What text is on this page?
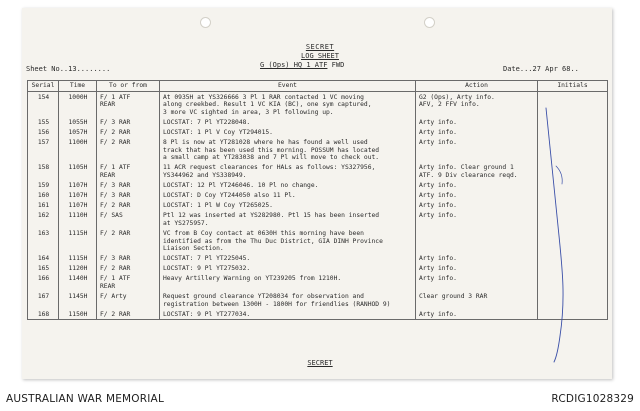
SECRET
LOG SHEET
G (Ops) HQ 1 ATF FWD
Sheet No..13........	Date...27 Apr 68..
Serial	Time	To or from	Event	Action	Initials
154	1000H	F/ 1 ATF
REAR	At 0935H at YS326666 3 Pl 1 RAR contacted 1 VC moving
along creekbed. Result 1 VC KIA (BC), one sym captured,
3 more VC sighted in area, 3 Pl following up.	G2 (Ops), Arty info.
AFV, 2 FFV info.	
155	1055H	F/ 3 RAR	LOCSTAT: 7 Pl YT228048.	Arty info.	
156	1057H	F/ 2 RAR	LOCSTAT: 1 Pl V Coy YT294015.	Arty info.	
157	1100H	F/ 2 RAR	8 Pl is now at YT281028 where he has found a well used
track that has been used this morning. POSSUM has located
a small camp at YT283038 and 7 Pl will move to check out.	Arty info.	
158	1105H	F/ 1 ATF
REAR	11 ACR request clearances for HALs as follows: YS327956,
YS344962 and YS338949.	Arty info. Clear ground 1
ATF. 9 Div clearance reqd.	
159	1107H	F/ 3 RAR	LOCSTAT: 12 Pl YT246046. 10 Pl no change.	Arty info.	
160	1107H	F/ 3 RAR	LOCSTAT: D Coy YT244050 also 11 Pl.	Arty info.	
161	1107H	F/ 2 RAR	LOCSTAT: 1 Pl W Coy YT265025.	Arty info.	
162	1110H	F/ SAS	Ptl 12 was inserted at YS282980. Ptl 15 has been inserted
at YS275957.	Arty info.	
163	1115H	F/ 2 RAR	VC from B Coy contact at 0630H this morning have been
identified as from the Thu Duc District, GIA DINH Province
Liaison Section.		
164	1115H	F/ 3 RAR	LOCSTAT: 7 Pl YT225045.	Arty info.	
165	1120H	F/ 2 RAR	LOCSTAT: 9 Pl YT275032.	Arty info.	
166	1140H	F/ 1 ATF
REAR	Heavy Artillery Warning on YT239205 from 1210H.	Arty info.	
167	1145H	F/ Arty	Request ground clearance YT208034 for observation and
registration between 1300H - 1800H for friendlies (RANHOD 9)	Clear ground 3 RAR	
168	1150H	F/ 2 RAR	LOCSTAT: 9 Pl YT277034.	Arty info.	
SECRET
AUSTRALIAN WAR MEMORIAL	RCDIG1028329
